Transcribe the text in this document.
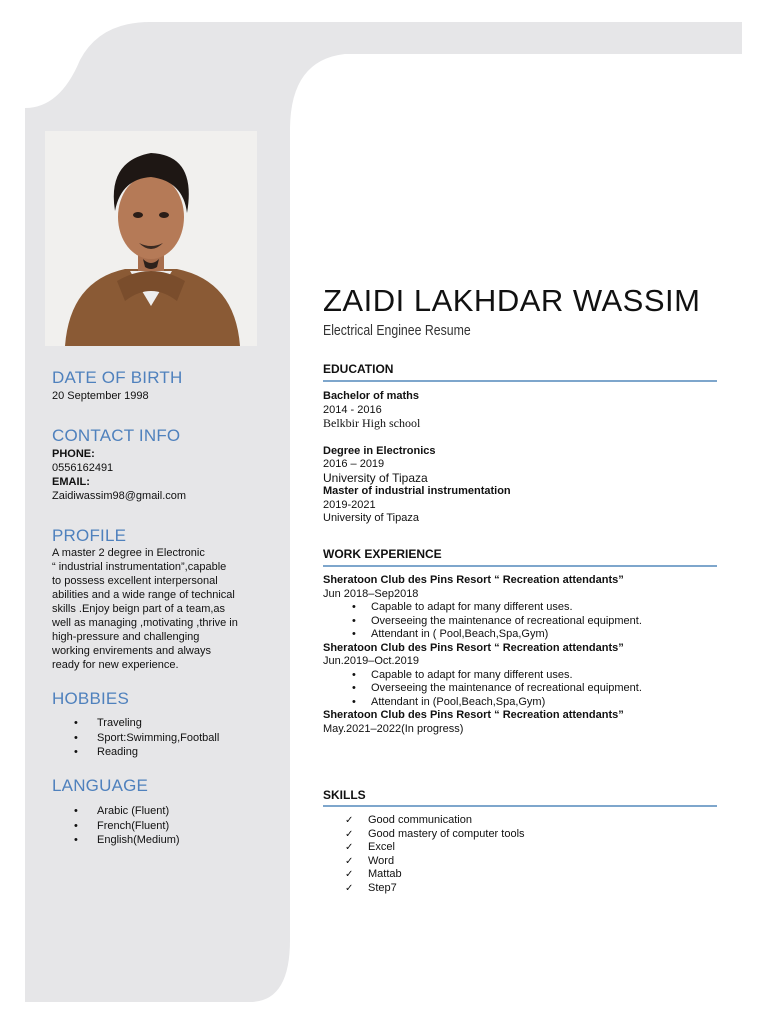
DATE OF BIRTH
20 September 1998
CONTACT INFO
PHONE:
0556162491
EMAIL:
Zaidiwassim98@gmail.com
PROFILE
A master 2 degree in Electronic
“ industrial instrumentation”,capable
to possess excellent interpersonal
abilities and a wide range of technical
skills .Enjoy beign part of a team,as
well as managing ,motivating ,thrive in
high-pressure and challenging
working envirements and always
ready for new experience.
HOBBIES
• Traveling
• Sport:Swimming,Football
• Reading
LANGUAGE
• Arabic (Fluent)
• French(Fluent)
• English(Medium)
ZAIDI LAKHDAR WASSIM
Electrical Enginee Resume
EDUCATION
Bachelor of maths
2014 - 2016
Belkbir High school
Degree in Electronics
2016 – 2019
University of Tipaza
Master of industrial instrumentation
2019-2021
University of Tipaza
WORK EXPERIENCE
Sheratoon Club des Pins Resort “ Recreation attendants”
Jun 2018–Sep2018
• Capable to adapt for many different uses.
• Overseeing the maintenance of recreational equipment.
• Attendant in ( Pool,Beach,Spa,Gym)
Sheratoon Club des Pins Resort “ Recreation attendants”
Jun.2019–Oct.2019
• Capable to adapt for many different uses.
• Overseeing the maintenance of recreational equipment.
• Attendant in (Pool,Beach,Spa,Gym)
Sheratoon Club des Pins Resort “ Recreation attendants”
May.2021–2022(In progress)
SKILLS
✓ Good communication
✓ Good mastery of computer tools
✓ Excel
✓ Word
✓ Mattab
✓ Step7
